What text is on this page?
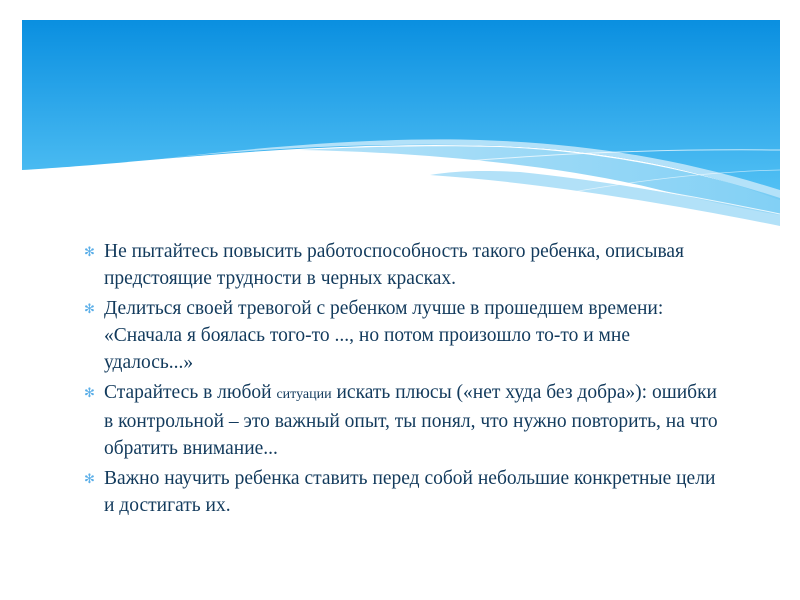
✻ Не пытайтесь повысить работоспособность такого ребенка, описывая предстоящие трудности в черных красках.
✻ Делиться своей тревогой с ребенком лучше в прошедшем времени: «Сначала я боялась того-то ..., но потом произошло то-то и мне удалось...»
✻ Старайтесь в любой ситуации искать плюсы («нет худа без добра»): ошибки в контрольной – это важный опыт, ты понял, что нужно повторить, на что обратить внимание...
✻ Важно научить ребенка ставить перед собой небольшие конкретные цели и достигать их.
